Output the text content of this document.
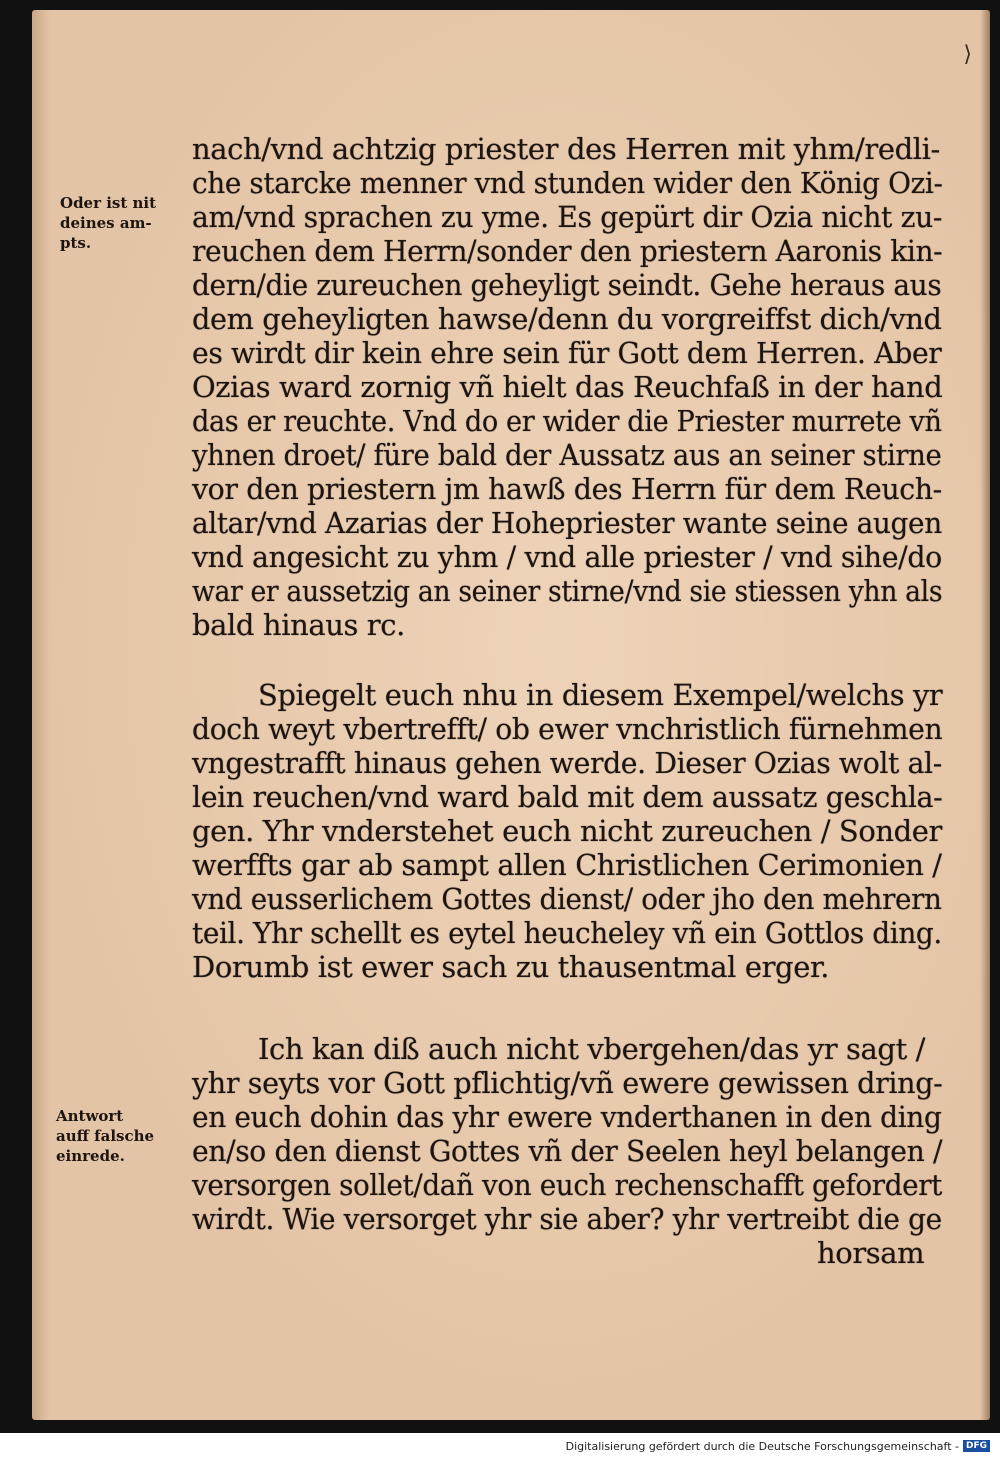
⟩
Oder ist nit
deines am-
pts.
Antwort
auff falsche
einrede.
nach/vnd achtzig priester des Herren mit yhm/redli-
che starcke menner vnd stunden wider den König Ozi-
am/vnd sprachen zu yme. Es gepürt dir Ozia nicht zu-
reuchen dem Herrn/sonder den priestern Aaronis kin-
dern/die zureuchen geheyligt seindt. Gehe heraus aus
dem geheyligten hawse/denn du vorgreiffst dich/vnd
es wirdt dir kein ehre sein für Gott dem Herren. Aber
Ozias ward zornig vñ hielt das Reuchfaß in der hand
das er reuchte. Vnd do er wider die Priester murrete vñ
yhnen droet/ füre bald der Aussatz aus an seiner stirne
vor den priestern jm hawß des Herrn für dem Reuch-
altar/vnd Azarias der Hohepriester wante seine augen
vnd angesicht zu yhm / vnd alle priester / vnd sihe/do
war er aussetzig an seiner stirne/vnd sie stiessen yhn als
bald hinaus rc.
Spiegelt euch nhu in diesem Exempel/welchs yr
doch weyt vbertrefft/ ob ewer vnchristlich fürnehmen
vngestrafft hinaus gehen werde. Dieser Ozias wolt al-
lein reuchen/vnd ward bald mit dem aussatz geschla-
gen. Yhr vnderstehet euch nicht zureuchen / Sonder
werffts gar ab sampt allen Christlichen Cerimonien /
vnd eusserlichem Gottes dienst/ oder jho den mehrern
teil. Yhr schellt es eytel heucheley vñ ein Gottlos ding.
Dorumb ist ewer sach zu thausentmal erger.
Ich kan diß auch nicht vbergehen/das yr sagt /
yhr seyts vor Gott pflichtig/vñ ewere gewissen dring-
en euch dohin das yhr ewere vnderthanen in den ding
en/so den dienst Gottes vñ der Seelen heyl belangen /
versorgen sollet/dañ von euch rechenschafft gefordert
wirdt. Wie versorget yhr sie aber? yhr vertreibt die ge
horsam
Digitalisierung gefördert durch die Deutsche Forschungsgemeinschaft - DFG
